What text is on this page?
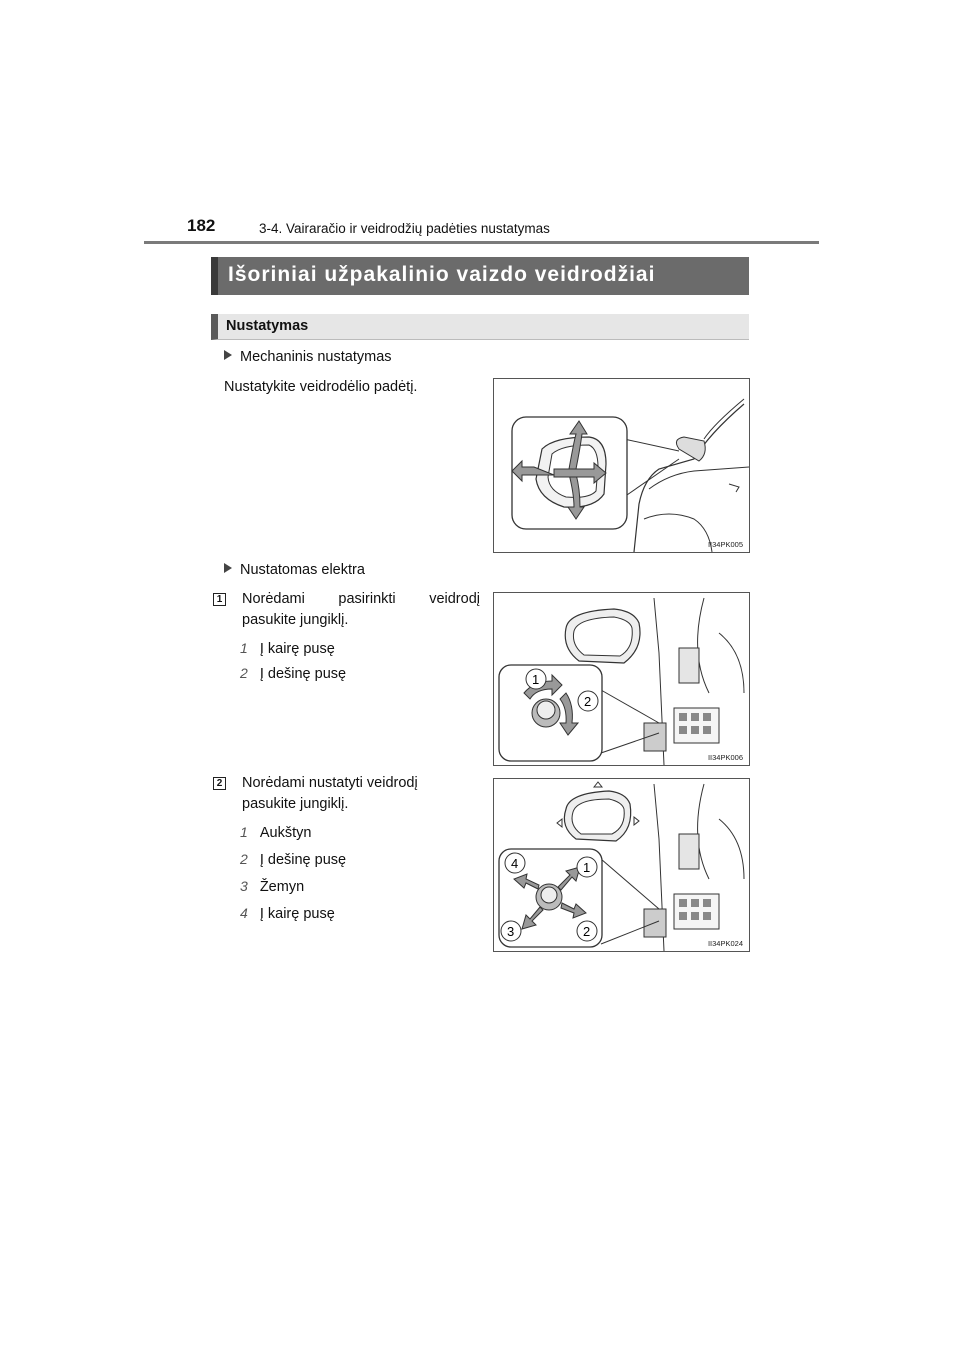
182	3-4. Vairaračio ir veidrodžių padėties nustatymas
Išoriniai užpakalinio vaizdo veidrodžiai
Nustatymas
Mechaninis nustatymas
Nustatykite veidrodėlio padėtį.
II34PK005
Nustatomas elektra
1 Norėdami pasirinkti veidrodį
pasukite jungiklį.
1 Į kairę pusę
2 Į dešinę pusę	1
2
II34PK006
2 Norėdami nustatyti veidrodį
pasukite jungiklį.
1 Aukštyn
2 Į dešinę pusę
3 Žemyn
4 Į kairę pusę
1
2
3
4
II34PK024
